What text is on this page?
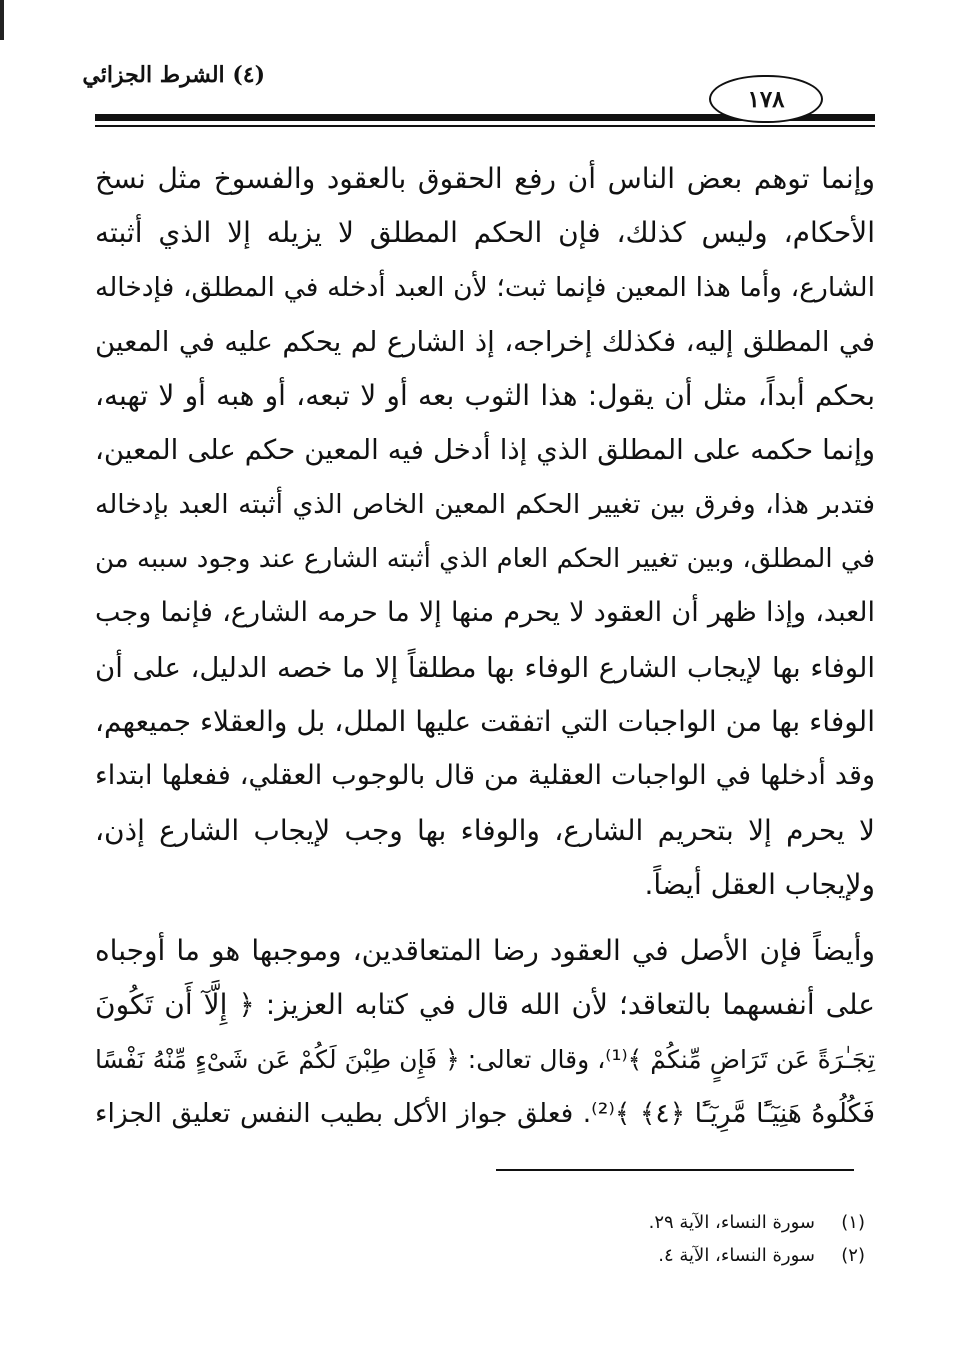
(٤) الشرط الجزائي
١٧٨
وإنما توهم بعض الناس أن رفع الحقوق بالعقود والفسوخ مثل نسخ
الأحكام، وليس كذلك، فإن الحكم المطلق لا يزيله إلا الذي أثبته
الشارع، وأما هذا المعين فإنما ثبت؛ لأن العبد أدخله في المطلق، فإدخاله
في المطلق إليه، فكذلك إخراجه، إذ الشارع لم يحكم عليه في المعين
بحكم أبداً، مثل أن يقول: هذا الثوب بعه أو لا تبعه، أو هبه أو لا تهبه،
وإنما حكمه على المطلق الذي إذا أدخل فيه المعين حكم على المعين،
فتدبر هذا، وفرق بين تغيير الحكم المعين الخاص الذي أثبته العبد بإدخاله
في المطلق، وبين تغيير الحكم العام الذي أثبته الشارع عند وجود سببه من
العبد، وإذا ظهر أن العقود لا يحرم منها إلا ما حرمه الشارع، فإنما وجب
الوفاء بها لإيجاب الشارع الوفاء بها مطلقاً إلا ما خصه الدليل، على أن
الوفاء بها من الواجبات التي اتفقت عليها الملل، بل والعقلاء جميعهم،
وقد أدخلها في الواجبات العقلية من قال بالوجوب العقلي، ففعلها ابتداء
لا يحرم إلا بتحريم الشارع، والوفاء بها وجب لإيجاب الشارع إذن،
ولإيجاب العقل أيضاً.
وأيضاً فإن الأصل في العقود رضا المتعاقدين، وموجبها هو ما أوجباه
على أنفسهما بالتعاقد؛ لأن الله قال في كتابه العزيز: ﴿ إِلَّآ أَن تَكُونَ
تِجَـٰرَةً عَن تَرَاضٍ مِّنكُمْ ﴾⁽¹⁾، وقال تعالى: ﴿ فَإِن طِبْنَ لَكُمْ عَن شَىْءٍ مِّنْهُ نَفْسًا
فَكُلُوهُ هَنِيٓـًٔا مَّرِيٓـًٔا ﴿٤﴾ ﴾⁽²⁾. فعلق جواز الأكل بطيب النفس تعليق الجزاء
(١)
سورة النساء، الآية ٢٩.
(٢)
سورة النساء، الآية ٤.
